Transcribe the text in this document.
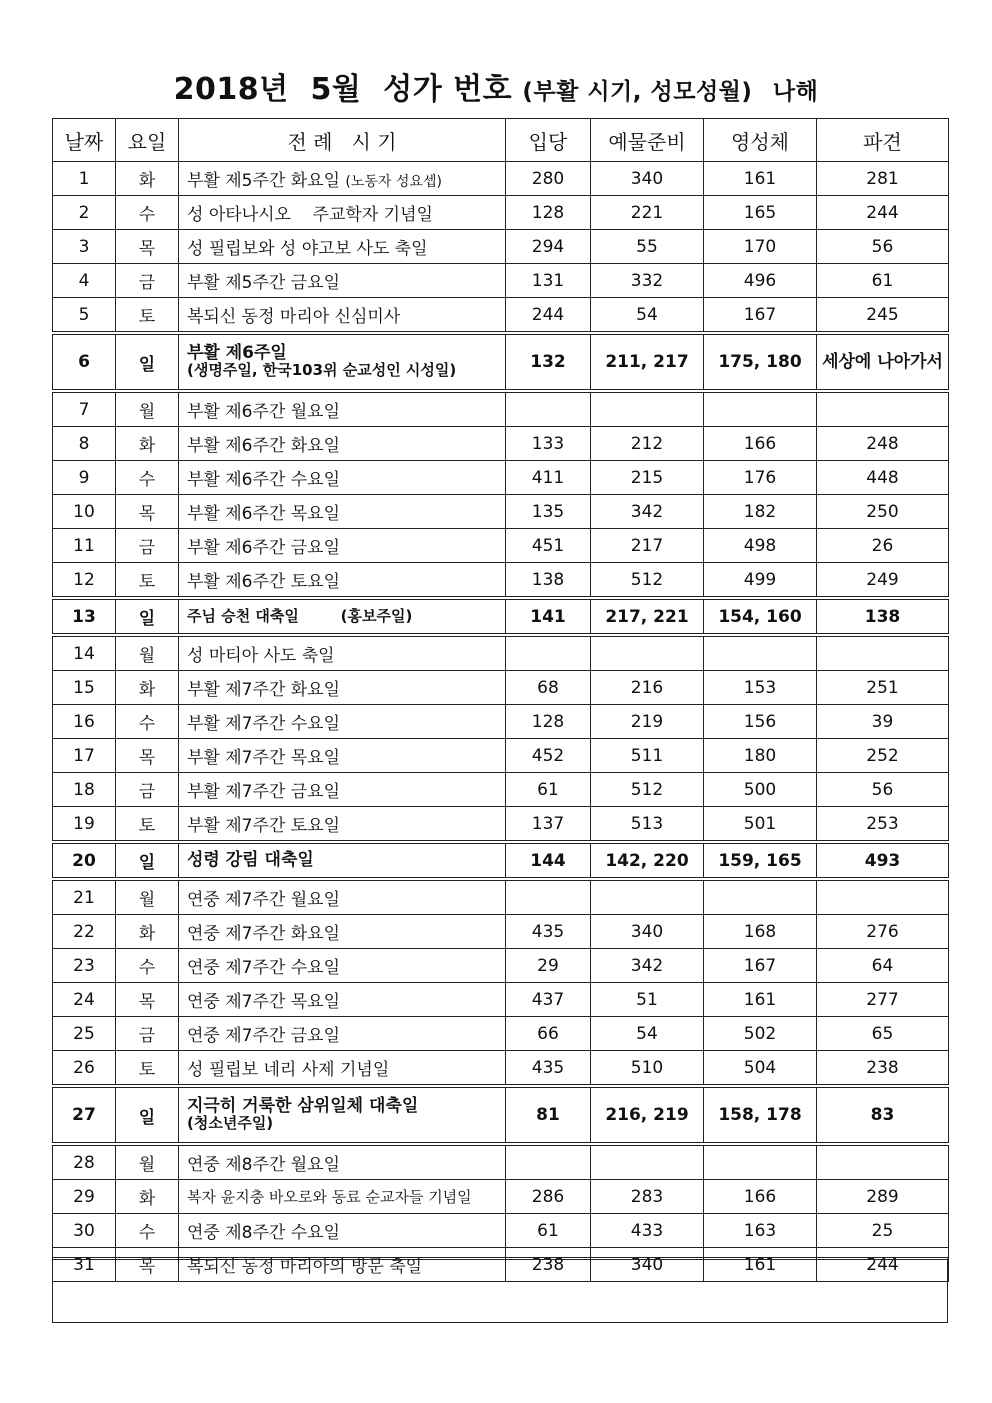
2018년  5월  성가 번호 (부활 시기, 성모성월) 나해
날짜	요일	전 례   시 기	입당	예물준비	영성체	파견
1	화	부활 제5주간 화요일 (노동자 성요셉)	280	340	161	281
2	수	성 아타나시오    주교학자 기념일	128	221	165	244
3	목	성 필립보와 성 야고보 사도 축일	294	55	170	56
4	금	부활 제5주간 금요일	131	332	496	61
5	토	복되신 동정 마리아 신심미사	244	54	167	245
6	일	부활 제6주일
(생명주일, 한국103위 순교성인 시성일)	132	211, 217	175, 180	세상에 나아가서
7	월	부활 제6주간 월요일				
8	화	부활 제6주간 화요일	133	212	166	248
9	수	부활 제6주간 수요일	411	215	176	448
10	목	부활 제6주간 목요일	135	342	182	250
11	금	부활 제6주간 금요일	451	217	498	26
12	토	부활 제6주간 토요일	138	512	499	249
13	일	주님 승천 대축일        (홍보주일)	141	217, 221	154, 160	138
14	월	성 마티아 사도 축일				
15	화	부활 제7주간 화요일	68	216	153	251
16	수	부활 제7주간 수요일	128	219	156	39
17	목	부활 제7주간 목요일	452	511	180	252
18	금	부활 제7주간 금요일	61	512	500	56
19	토	부활 제7주간 토요일	137	513	501	253
20	일	성령 강림 대축일	144	142, 220	159, 165	493
21	월	연중 제7주간 월요일				
22	화	연중 제7주간 화요일	435	340	168	276
23	수	연중 제7주간 수요일	29	342	167	64
24	목	연중 제7주간 목요일	437	51	161	277
25	금	연중 제7주간 금요일	66	54	502	65
26	토	성 필립보 네리 사제 기념일	435	510	504	238
27	일	지극히 거룩한 삼위일체 대축일
(청소년주일)	81	216, 219	158, 178	83
28	월	연중 제8주간 월요일				
29	화	복자 윤지충 바오로와 동료 순교자들 기념일	286	283	166	289
30	수	연중 제8주간 수요일	61	433	163	25
31	목	복되신 동정 마리아의 방문 축일	238	340	161	244
